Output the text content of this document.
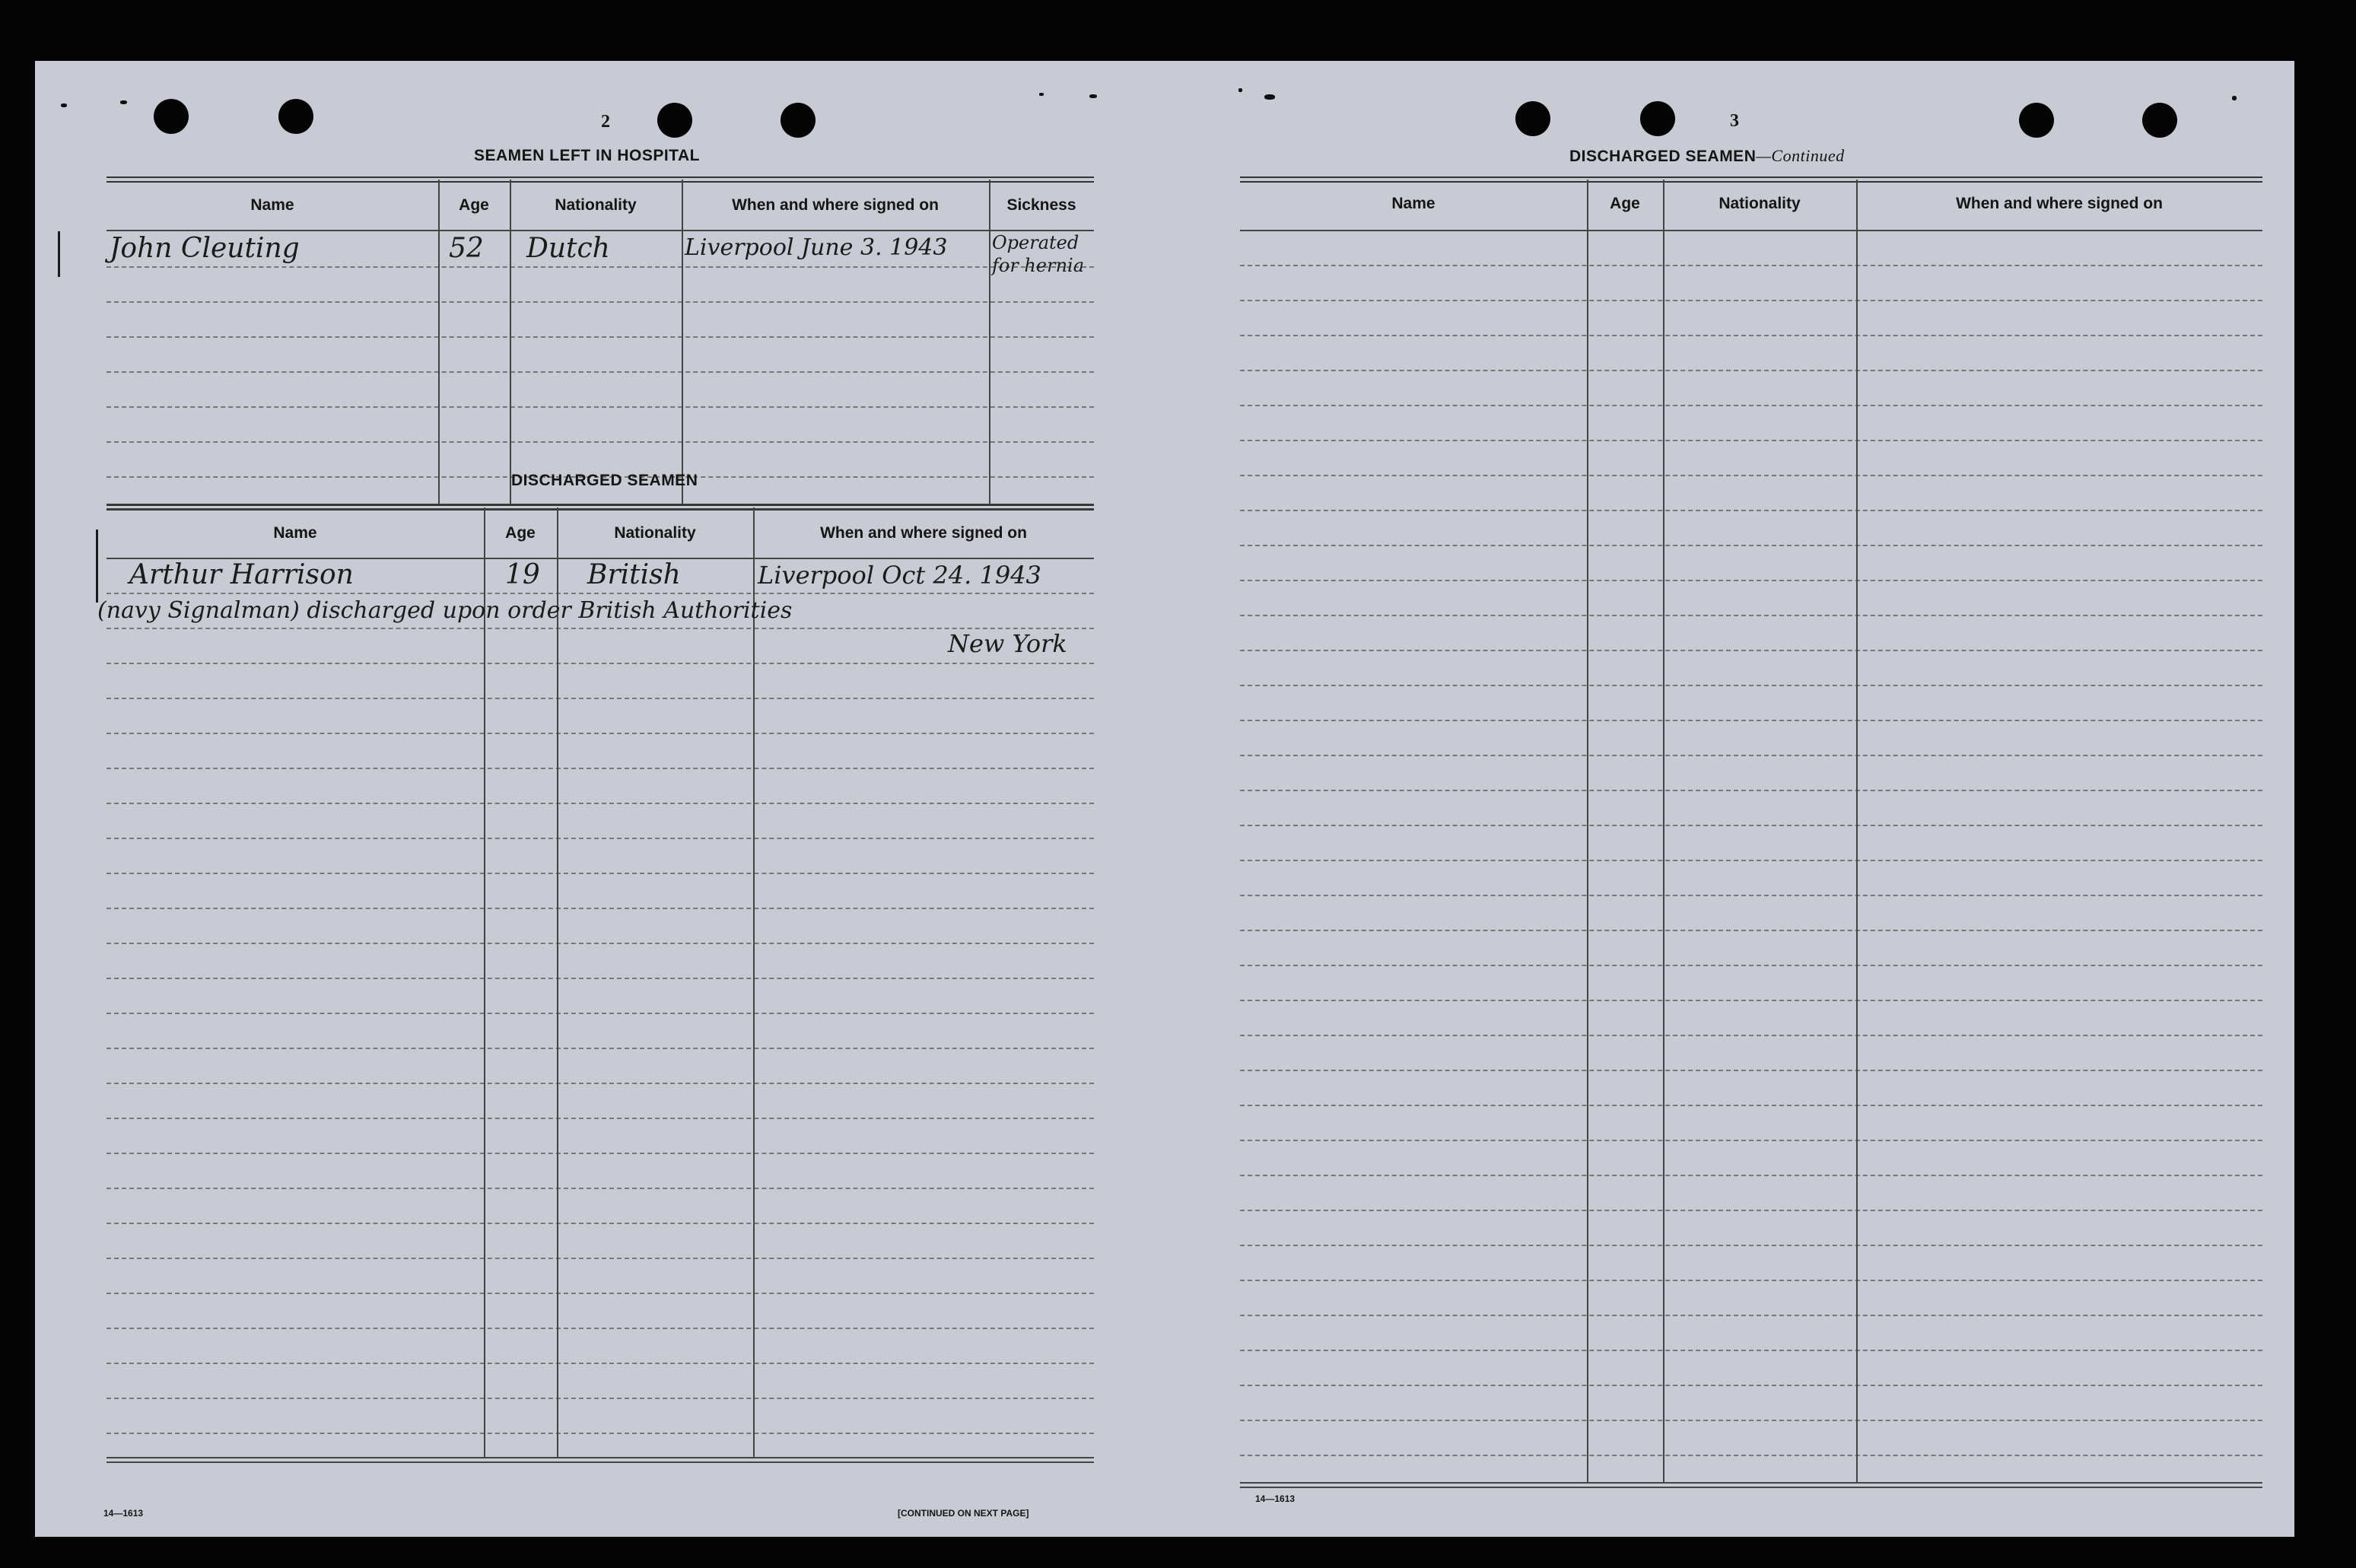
2
SEAMEN LEFT IN HOSPITAL
Name	Age	Nationality	When and where signed on	Sickness
John Cleuting	52 Dutch	Liverpool June 3. 1943 Operated for hernia
DISCHARGED SEAMEN
Name	Age	Nationality	When and where signed on
Arthur Harrison	19 British	Liverpool Oct 24. 1943
(navy Signalman) discharged upon order British Authorities
New York
14—1613	[CONTINUED ON NEXT PAGE]
3
DISCHARGED SEAMEN—Continued
Name	Age	Nationality	When and where signed on
14—1613
